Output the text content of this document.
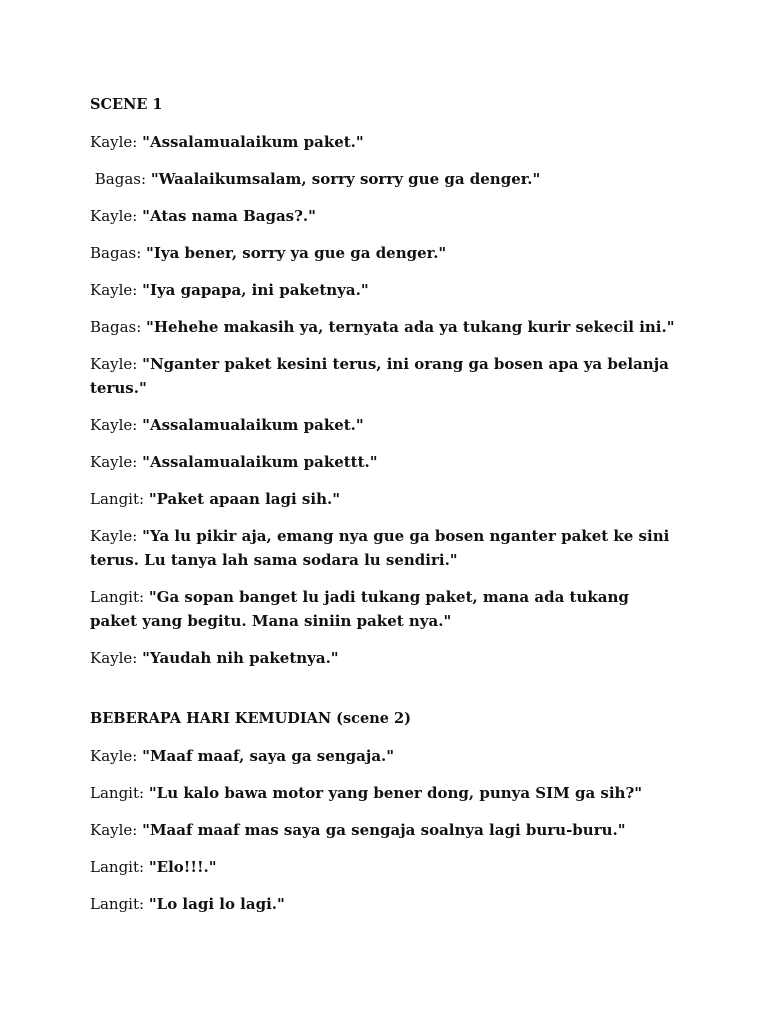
SCENE 1
Kayle: "Assalamualaikum paket."
Bagas: "Waalaikumsalam, sorry sorry gue ga denger."
Kayle: "Atas nama Bagas?."
Bagas: "Iya bener, sorry ya gue ga denger."
Kayle: "Iya gapapa, ini paketnya."
Bagas: "Hehehe makasih ya, ternyata ada ya tukang kurir sekecil ini."
Kayle: "Nganter paket kesini terus, ini orang ga bosen apa ya belanja terus."
Kayle: "Assalamualaikum paket."
Kayle: "Assalamualaikum pakettt."
Langit: "Paket apaan lagi sih."
Kayle: "Ya lu pikir aja, emang nya gue ga bosen nganter paket ke sini terus. Lu tanya lah sama sodara lu sendiri."
Langit: "Ga sopan banget lu jadi tukang paket, mana ada tukang paket yang begitu. Mana siniin paket nya."
Kayle: "Yaudah nih paketnya."
BEBERAPA HARI KEMUDIAN (scene 2)
Kayle: "Maaf maaf, saya ga sengaja."
Langit: "Lu kalo bawa motor yang bener dong, punya SIM ga sih?"
Kayle: "Maaf maaf mas saya ga sengaja soalnya lagi buru-buru."
Langit: "Elo!!!."
Langit: "Lo lagi lo lagi."
